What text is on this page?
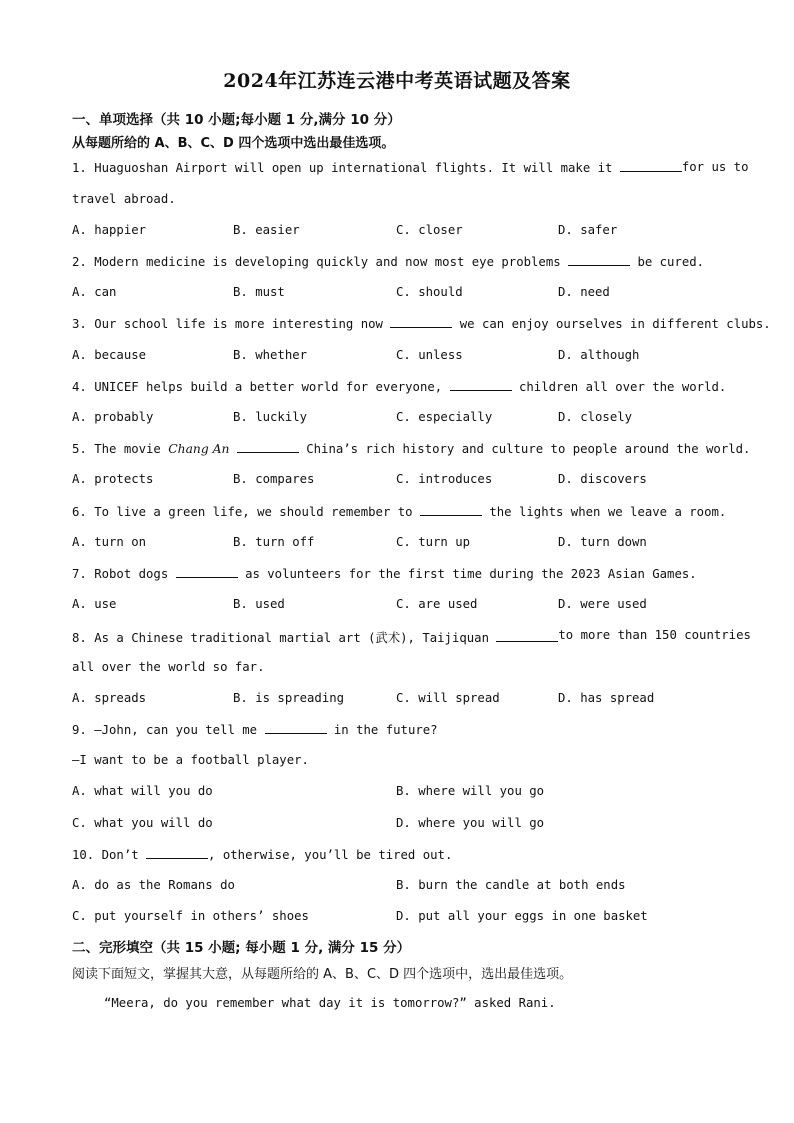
2024年江苏连云港中考英语试题及答案
一、单项选择（共 10 小题;每小题 1 分,满分 10 分）
从每题所给的 A、B、C、D 四个选项中选出最佳选项。
1. Huaguoshan Airport will open up international flights. It will make it	for us to
travel abroad.
A. happier	B. easier	C. closer	D. safer
2. Modern medicine is developing quickly and now most eye problems	be cured.
A. can	B. must	C. should	D. need
3. Our school life is more interesting now	we can enjoy ourselves in different clubs.
A. because	B. whether	C. unless	D. although
4. UNICEF helps build a better world for everyone,	children all over the world.
A. probably	B. luckily	C. especially	D. closely
5. The movie Chang An	China’s rich history and culture to people around the world.
A. protects	B. compares	C. introduces	D. discovers
6. To live a green life, we should remember to	the lights when we leave a room.
A. turn on	B. turn off	C. turn up	D. turn down
7. Robot dogs	as volunteers for the first time during the 2023 Asian Games.
A. use	B. used	C. are used	D. were used
8. As a Chinese traditional martial art (武术), Taijiquan	to more than 150 countries
all over the world so far.
A. spreads	B. is spreading	C. will spread	D. has spread
9. —John, can you tell me	in the future?
—I want to be a football player.
A. what will you do	B. where will you go
C. what you will do	D. where you will go
10. Don’t	, otherwise, you’ll be tired out.
A. do as the Romans do	B. burn the candle at both ends
C. put yourself in others’ shoes	D. put all your eggs in one basket
二、完形填空（共 15 小题; 每小题 1 分, 满分 15 分）
阅读下面短文，掌握其大意，从每题所给的 A、B、C、D 四个选项中，选出最佳选项。
“Meera, do you remember what day it is tomorrow?” asked Rani.
